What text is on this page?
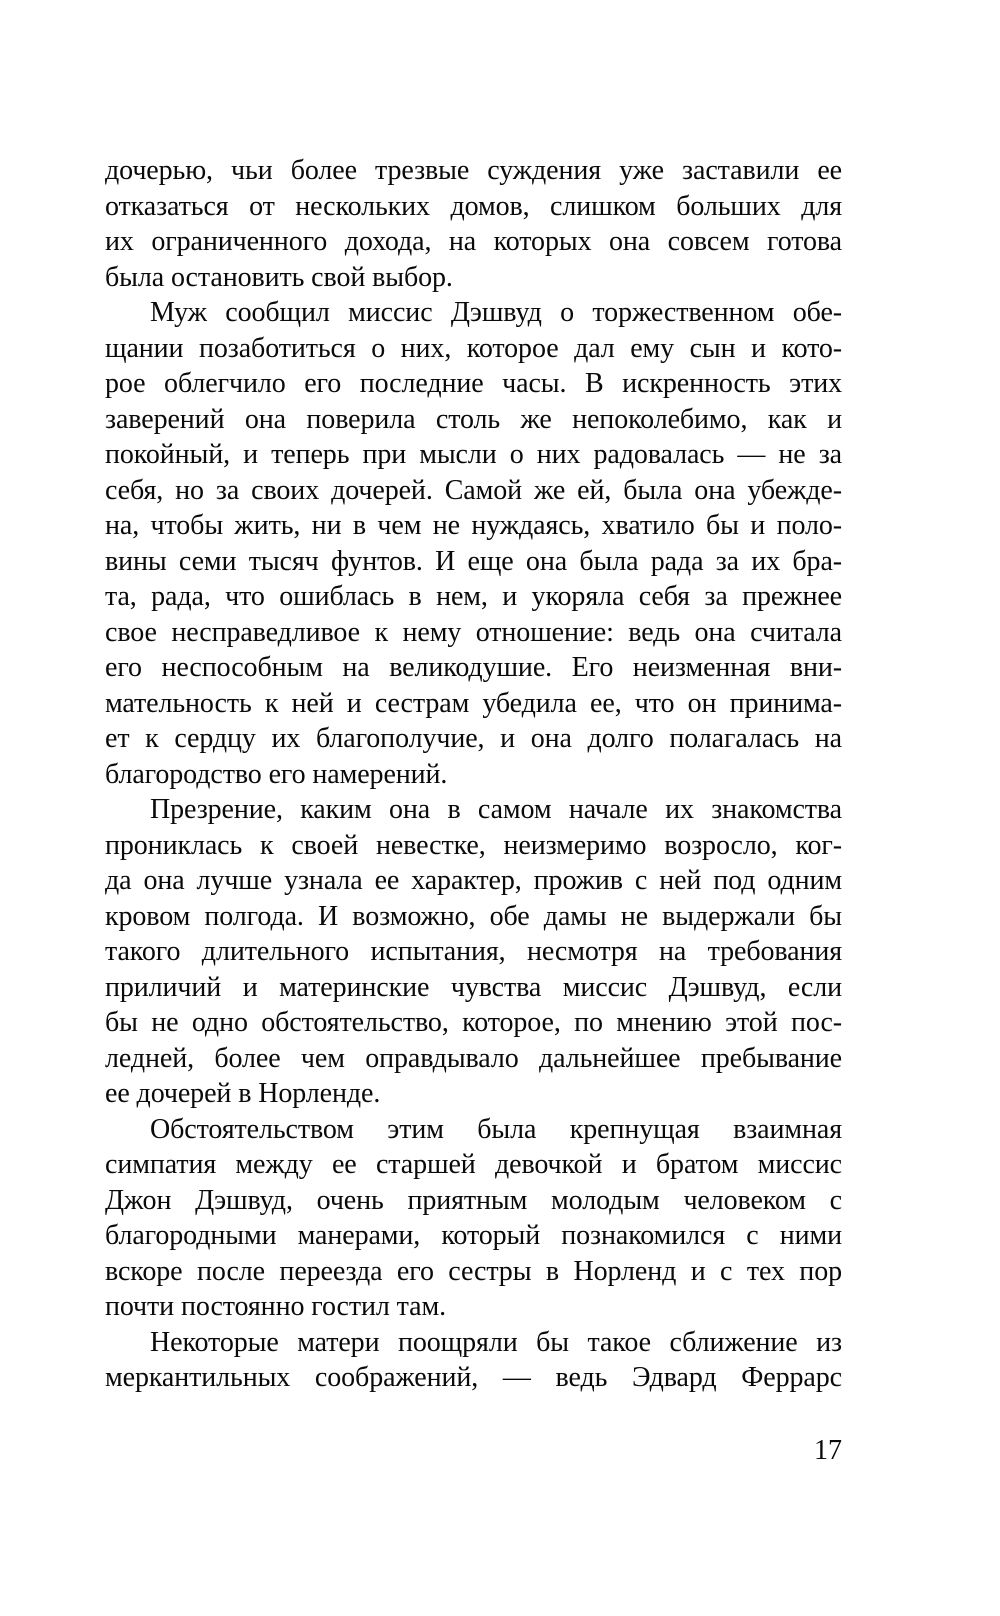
дочерью, чьи более трезвые суждения уже заставили ее
отказаться от нескольких домов, слишком больших для
их ограниченного дохода, на которых она совсем готова
была остановить свой выбор.
Муж сообщил миссис Дэшвуд о торжественном обе-
щании позаботиться о них, которое дал ему сын и кото-
рое облегчило его последние часы. В искренность этих
заверений она поверила столь же непоколебимо, как и
покойный, и теперь при мысли о них радовалась — не за
себя, но за своих дочерей. Самой же ей, была она убежде-
на, чтобы жить, ни в чем не нуждаясь, хватило бы и поло-
вины семи тысяч фунтов. И еще она была рада за их бра-
та, рада, что ошиблась в нем, и укоряла себя за прежнее
свое несправедливое к нему отношение: ведь она считала
его неспособным на великодушие. Его неизменная вни-
мательность к ней и сестрам убедила ее, что он принима-
ет к сердцу их благополучие, и она долго полагалась на
благородство его намерений.
Презрение, каким она в самом начале их знакомства
прониклась к своей невестке, неизмеримо возросло, ког-
да она лучше узнала ее характер, прожив с ней под одним
кровом полгода. И возможно, обе дамы не выдержали бы
такого длительного испытания, несмотря на требования
приличий и материнские чувства миссис Дэшвуд, если
бы не одно обстоятельство, которое, по мнению этой пос-
ледней, более чем оправдывало дальнейшее пребывание
ее дочерей в Норленде.
Обстоятельством этим была крепнущая взаимная
симпатия между ее старшей девочкой и братом миссис
Джон Дэшвуд, очень приятным молодым человеком с
благородными манерами, который познакомился с ними
вскоре после переезда его сестры в Норленд и с тех пор
почти постоянно гостил там.
Некоторые матери поощряли бы такое сближение из
меркантильных соображений, — ведь Эдвард Феррарс
17
